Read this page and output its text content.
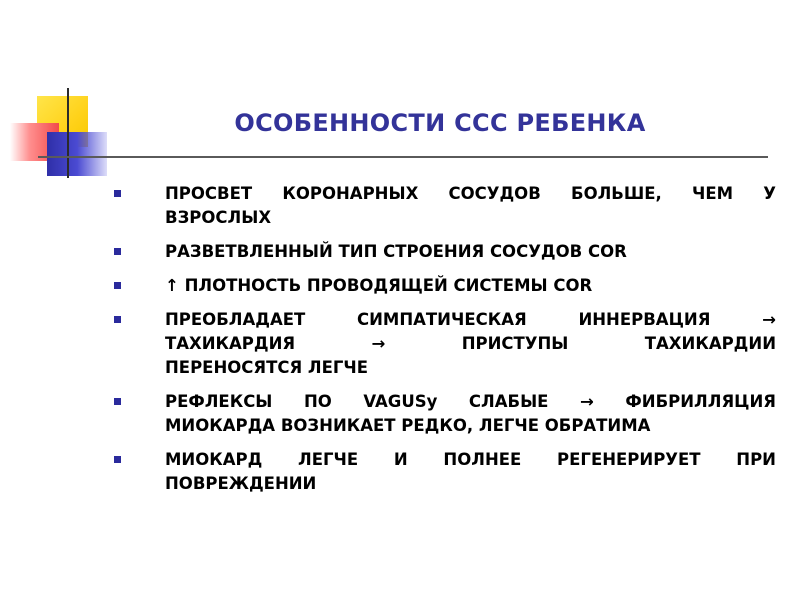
ОСОБЕННОСТИ ССС РЕБЕНКА
ПРОСВЕТ КОРОНАРНЫХ СОСУДОВ БОЛЬШЕ, ЧЕМ У
ВЗРОСЛЫХ
РАЗВЕТВЛЕННЫЙ ТИП СТРОЕНИЯ СОСУДОВ COR
↑ ПЛОТНОСТЬ ПРОВОДЯЩЕЙ СИСТЕМЫ COR
ПРЕОБЛАДАЕТ СИМПАТИЧЕСКАЯ ИННЕРВАЦИЯ →
ТАХИКАРДИЯ → ПРИСТУПЫ ТАХИКАРДИИ
ПЕРЕНОСЯТСЯ ЛЕГЧЕ
РЕФЛЕКСЫ ПО VAGUSу СЛАБЫЕ → ФИБРИЛЛЯЦИЯ
МИОКАРДА ВОЗНИКАЕТ РЕДКО, ЛЕГЧЕ ОБРАТИМА
МИОКАРД ЛЕГЧЕ И ПОЛНЕЕ РЕГЕНЕРИРУЕТ ПРИ
ПОВРЕЖДЕНИИ
